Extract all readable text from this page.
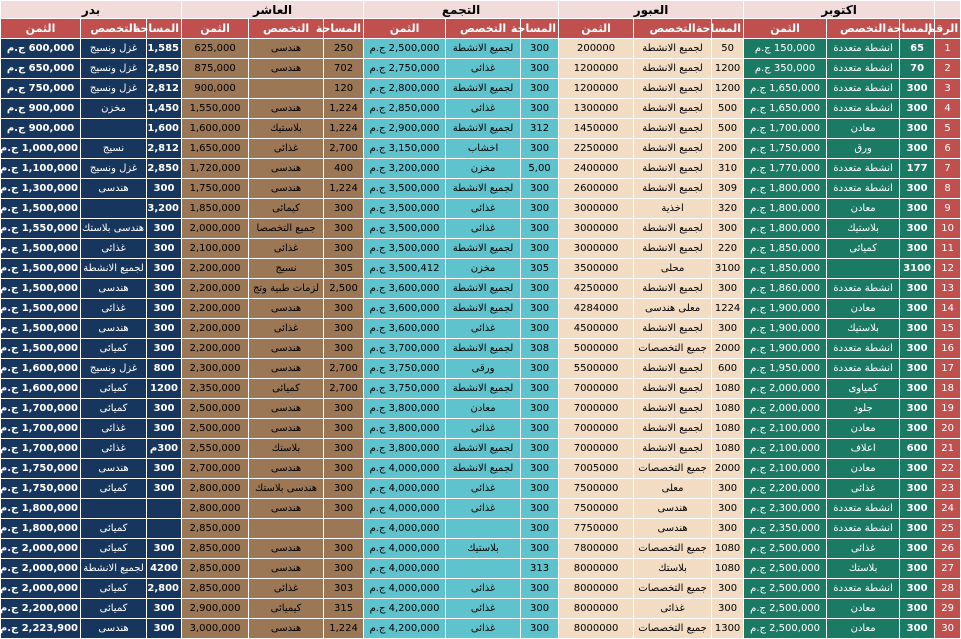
	اكتوبر			العبور			التجمع			العاشر			بدر		
الرقم	المساحة	التخصص	الثمن	المساحة	التخصص	الثمن	المساحة	التخصص	الثمن	المساحة	التخصص	الثمن	المساحة	التخصص	الثمن
1	65	انشطة متعددة	150,000 ج.م	50	لجميع الانشطة	200000	300	لجميع الانشطة	2,500,000 ج.م	250	هندسى	625,000	1,585	غزل ونسيج	600,000 ج.م
2	70	انشطة متعددة	350,000 ج.م	1200	لجميع الانشطة	1200000	300	غذائى	2,750,000 ج.م	702	هندسى	875,000	2,850	غزل ونسيج	650,000 ج.م
3	300	انشطة متعددة	1,650,000 ج.م	1200	لجميع الانشطة	1200000	300	لجميع الانشطة	2,800,000 ج.م	120		900,000	2,812	غزل ونسيج	750,000 ج.م
4	300	انشطة متعددة	1,650,000 ج.م	500	لجميع الانشطة	1300000	300	غذائى	2,850,000 ج.م	1,224	هندسى	1,550,000	1,450	مخزن	900,000 ج.م
5	300	معادن	1,700,000 ج.م	500	لجميع الانشطة	1450000	312	لجميع الانشطة	2,900,000 ج.م	1,224	بلاستيك	1,600,000	1,600		900,000 ج.م
6	300	ورق	1,750,000 ج.م	200	لجميع الانشطة	2250000	300	اخشاب	3,150,000 ج.م	2,700	غذائى	1,650,000	2,812	نسيج	1,000,000 ج.م
7	177	انشطة متعددة	1,770,000 ج.م	310	لجميع الانشطة	2400000	5,00	مخزن	3,200,000 ج.م	400	هندسى	1,720,000	2,850	غزل ونسيج	1,100,000 ج.م
8	300	انشطة متعددة	1,800,000 ج.م	309	لجميع الانشطة	2600000	300	لجميع الانشطة	3,500,000 ج.م	1,224	هندسى	1,750,000	300	هندسى	1,300,000 ج.م
9	300	معادن	1,800,000 ج.م	320	اخذية	3000000	300	غذائى	3,500,000 ج.م	300	كيمائى	1,850,000	3,200		1,500,000 ج.م
10	300	بلاستيك	1,800,000 ج.م	300	لجميع الانشطة	3000000	300	غذائى	3,500,000 ج.م	300	جميع التخصصا	2,000,000	300	هندسى بلاستك	1,550,000 ج.م
11	300	كميائى	1,850,000 ج.م	220	لجميع الانشطة	3000000	300	لجميع الانشطة	3,500,000 ج.م	300	غذائى	2,100,000	300	غذائى	1,500,000 ج.م
12	3100		1,850,000 ج.م	3100	محلى	3500000	305	مخزن	3,500,412 ج.م	305	نسيج	2,200,000	300	لجميع الانشطة	1,500,000 ج.م
13	300	انشطة متعددة	1,860,000 ج.م	300	لجميع الانشطة	4250000	300	لجميع الانشطة	3,600,000 ج.م	2,500	لزمات طبية وتج	2,200,000	300	هندسى	1,500,000 ج.م
14	300	معادن	1,900,000 ج.م	1224	معلى هندسى	4284000	300	لجميع الانشطة	3,600,000 ج.م	300	هندسى	2,200,000	300	غذائى	1,500,000 ج.م
15	300	بلاستيك	1,900,000 ج.م	300	لجميع الانشطة	4500000	300	غذائى	3,600,000 ج.م	300	غذائى	2,200,000	300	هندسى	1,500,000 ج.م
16	300	انشطة متعددة	1,900,000 ج.م	2000	جميع التخصصات	5000000	308	لجميع الانشطة	3,700,000 ج.م	300	هندسى	2,200,000	300	كميائى	1,500,000 ج.م
17	300	انشطة متعددة	1,950,000 ج.م	600	لجميع الانشطة	5500000	300	ورقى	3,750,000 ج.م	2,700	هندسى	2,300,000	800	غزل ونسيج	1,600,000 ج.م
18	300	كمياوى	2,000,000 ج.م	1080	لجميع الانشطة	7000000	300	لجميع الانشطة	3,750,000 ج.م	2,700	كميائى	2,350,000	1200	كميائى	1,600,000 ج.م
19	300	جلود	2,000,000 ج.م	1080	لجميع الانشطة	7000000	300	معادن	3,800,000 ج.م	300	هندسى	2,500,000	300	كميائى	1,700,000 ج.م
20	300	معادن	2,100,000 ج.م	1080	لجميع الانشطة	7000000	300	غذائى	3,800,000 ج.م	300	هندسى	2,500,000	300	غذائى	1,700,000 ج.م
21	600	اعلاف	2,100,000 ج.م	1080	لجميع الانشطة	7000000	300	لجميع الانشطة	3,800,000 ج.م	300	بلاستك	2,550,000	300م	غذائى	1,700,000 ج.م
22	300	معادن	2,100,000 ج.م	2000	جميع التخصصات	7005000	300	لجميع الانشطة	4,000,000 ج.م	300	هندسى	2,700,000	300	هندسى	1,750,000 ج.م
23	300	غذائى	2,200,000 ج.م	300	معلى	7500000	300	غذائى	4,000,000 ج.م	300	هندسى بلاستك	2,800,000	300	كميائى	1,750,000 ج.م
24	300	انشطة متعددة	2,300,000 ج.م	300	هندسى	7500000	300	غذائى	4,000,000 ج.م	300	هندسى	2,800,000			1,800,000 ج.م
25	300	انشطة متعددة	2,350,000 ج.م	300	هندسى	7750000	300		4,000,000 ج.م			2,850,000		كميائى	1,800,000 ج.م
26	300	غذائى	2,500,000 ج.م	1080	جميع التخصصات	7800000	300	بلاستيك	4,000,000 ج.م	300	هندسى	2,850,000	300	كميائى	2,000,000 ج.م
27	300	بلاستك	2,500,000 ج.م	1080	بلاستك	8000000	313		4,000,000 ج.م	300	هندسى	2,850,000	4200	لجميع الانشطة	2,000,000 ج.م
28	300	انشطة متعددة	2,500,000 ج.م	300	جميع التخصصات	8000000	300	غذائى	4,000,000 ج.م	303	غذائى	2,850,000	2,800	كميائى	2,000,000 ج.م
29	300	معادن	2,500,000 ج.م	300	غذائى	8000000	300	غذائى	4,200,000 ج.م	315	كيميائى	2,900,000	300	كميائى	2,200,000 ج.م
30	300	معادن	2,500,000 ج.م	1300	جميع التخصصات	8000000	300	غذائى	4,200,000 ج.م	1,224	هندسى	3,000,000	300	هندسى	2,223,900 ج.م
